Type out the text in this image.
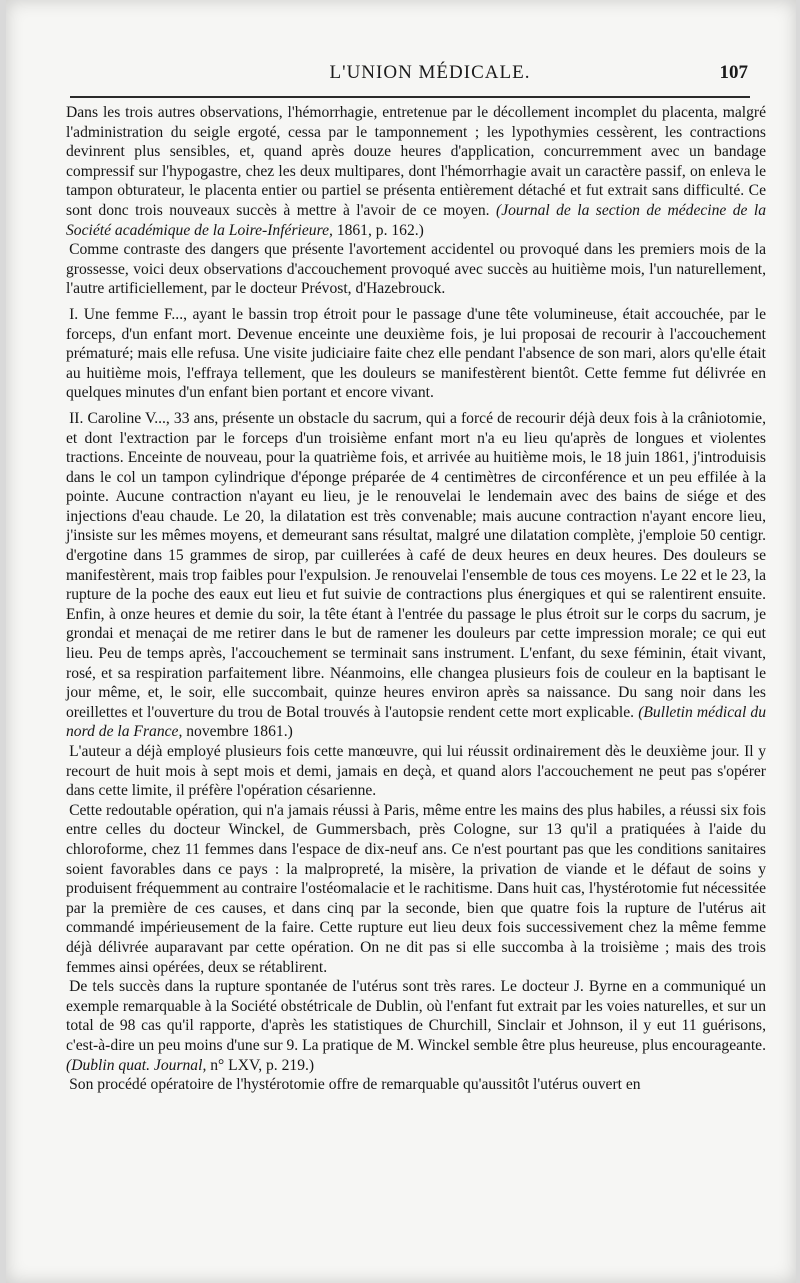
L'UNION MÉDICALE.	107

Dans les trois autres observations, l'hémorrhagie, entretenue par le décollement incomplet du placenta, malgré l'administration du seigle ergoté, cessa par le tamponnement ; les lypothymies cessèrent, les contractions devinrent plus sensibles, et, quand après douze heures d'application, concurremment avec un bandage compressif sur l'hypogastre, chez les deux multipares, dont l'hémorrhagie avait un caractère passif, on enleva le tampon obturateur, le placenta entier ou partiel se présenta entièrement détaché et fut extrait sans difficulté. Ce sont donc trois nouveaux succès à mettre à l'avoir de ce moyen. (Journal de la section de médecine de la Société académique de la Loire-Inférieure, 1861, p. 162.)

Comme contraste des dangers que présente l'avortement accidentel ou provoqué dans les premiers mois de la grossesse, voici deux observations d'accouchement provoqué avec succès au huitième mois, l'un naturellement, l'autre artificiellement, par le docteur Prévost, d'Hazebrouck.

I. Une femme F..., ayant le bassin trop étroit pour le passage d'une tête volumineuse, était accouchée, par le forceps, d'un enfant mort. Devenue enceinte une deuxième fois, je lui proposai de recourir à l'accouchement prématuré; mais elle refusa. Une visite judiciaire faite chez elle pendant l'absence de son mari, alors qu'elle était au huitième mois, l'effraya tellement, que les douleurs se manifestèrent bientôt. Cette femme fut délivrée en quelques minutes d'un enfant bien portant et encore vivant.

II. Caroline V..., 33 ans, présente un obstacle du sacrum, qui a forcé de recourir déjà deux fois à la crâniotomie, et dont l'extraction par le forceps d'un troisième enfant mort n'a eu lieu qu'après de longues et violentes tractions. Enceinte de nouveau, pour la quatrième fois, et arrivée au huitième mois, le 18 juin 1861, j'introduisis dans le col un tampon cylindrique d'éponge préparée de 4 centimètres de circonférence et un peu effilée à la pointe. Aucune contraction n'ayant eu lieu, je le renouvelai le lendemain avec des bains de siége et des injections d'eau chaude. Le 20, la dilatation est très convenable; mais aucune contraction n'ayant encore lieu, j'insiste sur les mêmes moyens, et demeurant sans résultat, malgré une dilatation complète, j'emploie 50 centigr. d'ergotine dans 15 grammes de sirop, par cuillerées à café de deux heures en deux heures. Des douleurs se manifestèrent, mais trop faibles pour l'expulsion. Je renouvelai l'ensemble de tous ces moyens. Le 22 et le 23, la rupture de la poche des eaux eut lieu et fut suivie de contractions plus énergiques et qui se ralentirent ensuite. Enfin, à onze heures et demie du soir, la tête étant à l'entrée du passage le plus étroit sur le corps du sacrum, je grondai et menaçai de me retirer dans le but de ramener les douleurs par cette impression morale; ce qui eut lieu. Peu de temps après, l'accouchement se terminait sans instrument. L'enfant, du sexe féminin, était vivant, rosé, et sa respiration parfaitement libre. Néanmoins, elle changea plusieurs fois de couleur en la baptisant le jour même, et, le soir, elle succombait, quinze heures environ après sa naissance. Du sang noir dans les oreillettes et l'ouverture du trou de Botal trouvés à l'autopsie rendent cette mort explicable. (Bulletin médical du nord de la France, novembre 1861.)

L'auteur a déjà employé plusieurs fois cette manœuvre, qui lui réussit ordinairement dès le deuxième jour. Il y recourt de huit mois à sept mois et demi, jamais en deçà, et quand alors l'accouchement ne peut pas s'opérer dans cette limite, il préfère l'opération césarienne.

Cette redoutable opération, qui n'a jamais réussi à Paris, même entre les mains des plus habiles, a réussi six fois entre celles du docteur Winckel, de Gummersbach, près Cologne, sur 13 qu'il a pratiquées à l'aide du chloroforme, chez 11 femmes dans l'espace de dix-neuf ans. Ce n'est pourtant pas que les conditions sanitaires soient favorables dans ce pays : la malpropreté, la misère, la privation de viande et le défaut de soins y produisent fréquemment au contraire l'ostéomalacie et le rachitisme. Dans huit cas, l'hystérotomie fut nécessitée par la première de ces causes, et dans cinq par la seconde, bien que quatre fois la rupture de l'utérus ait commandé impérieusement de la faire. Cette rupture eut lieu deux fois successivement chez la même femme déjà délivrée auparavant par cette opération. On ne dit pas si elle succomba à la troisième ; mais des trois femmes ainsi opérées, deux se rétablirent.

De tels succès dans la rupture spontanée de l'utérus sont très rares. Le docteur J. Byrne en a communiqué un exemple remarquable à la Société obstétricale de Dublin, où l'enfant fut extrait par les voies naturelles, et sur un total de 98 cas qu'il rapporte, d'après les statistiques de Churchill, Sinclair et Johnson, il y eut 11 guérisons, c'est-à-dire un peu moins d'une sur 9. La pratique de M. Winckel semble être plus heureuse, plus encourageante. (Dublin quat. Journal, n° LXV, p. 219.)

Son procédé opératoire de l'hystérotomie offre de remarquable qu'aussitôt l'utérus ouvert en
